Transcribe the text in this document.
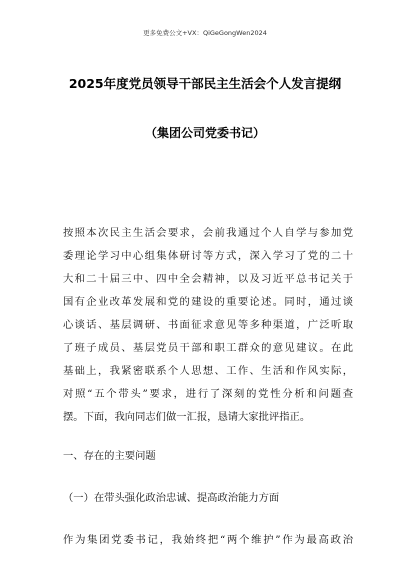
更多免费公文+VX：QiGeGongWen2024
2025年度党员领导干部民主生活会个人发言提纲
（集团公司党委书记）
按照本次民主生活会要求，会前我通过个人自学与参加党
委理论学习中心组集体研讨等方式，深入学习了党的二十
大和二十届三中、四中全会精神，以及习近平总书记关于
国有企业改革发展和党的建设的重要论述。同时，通过谈
心谈话、基层调研、书面征求意见等多种渠道，广泛听取
了班子成员、基层党员干部和职工群众的意见建议。在此
基础上，我紧密联系个人思想、工作、生活和作风实际，
对照“五个带头”要求，进行了深刻的党性分析和问题查
摆。下面，我向同志们做一汇报，恳请大家批评指正。
一、存在的主要问题
（一）在带头强化政治忠诚、提高政治能力方面
作为集团党委书记，我始终把“两个维护”作为最高政治
